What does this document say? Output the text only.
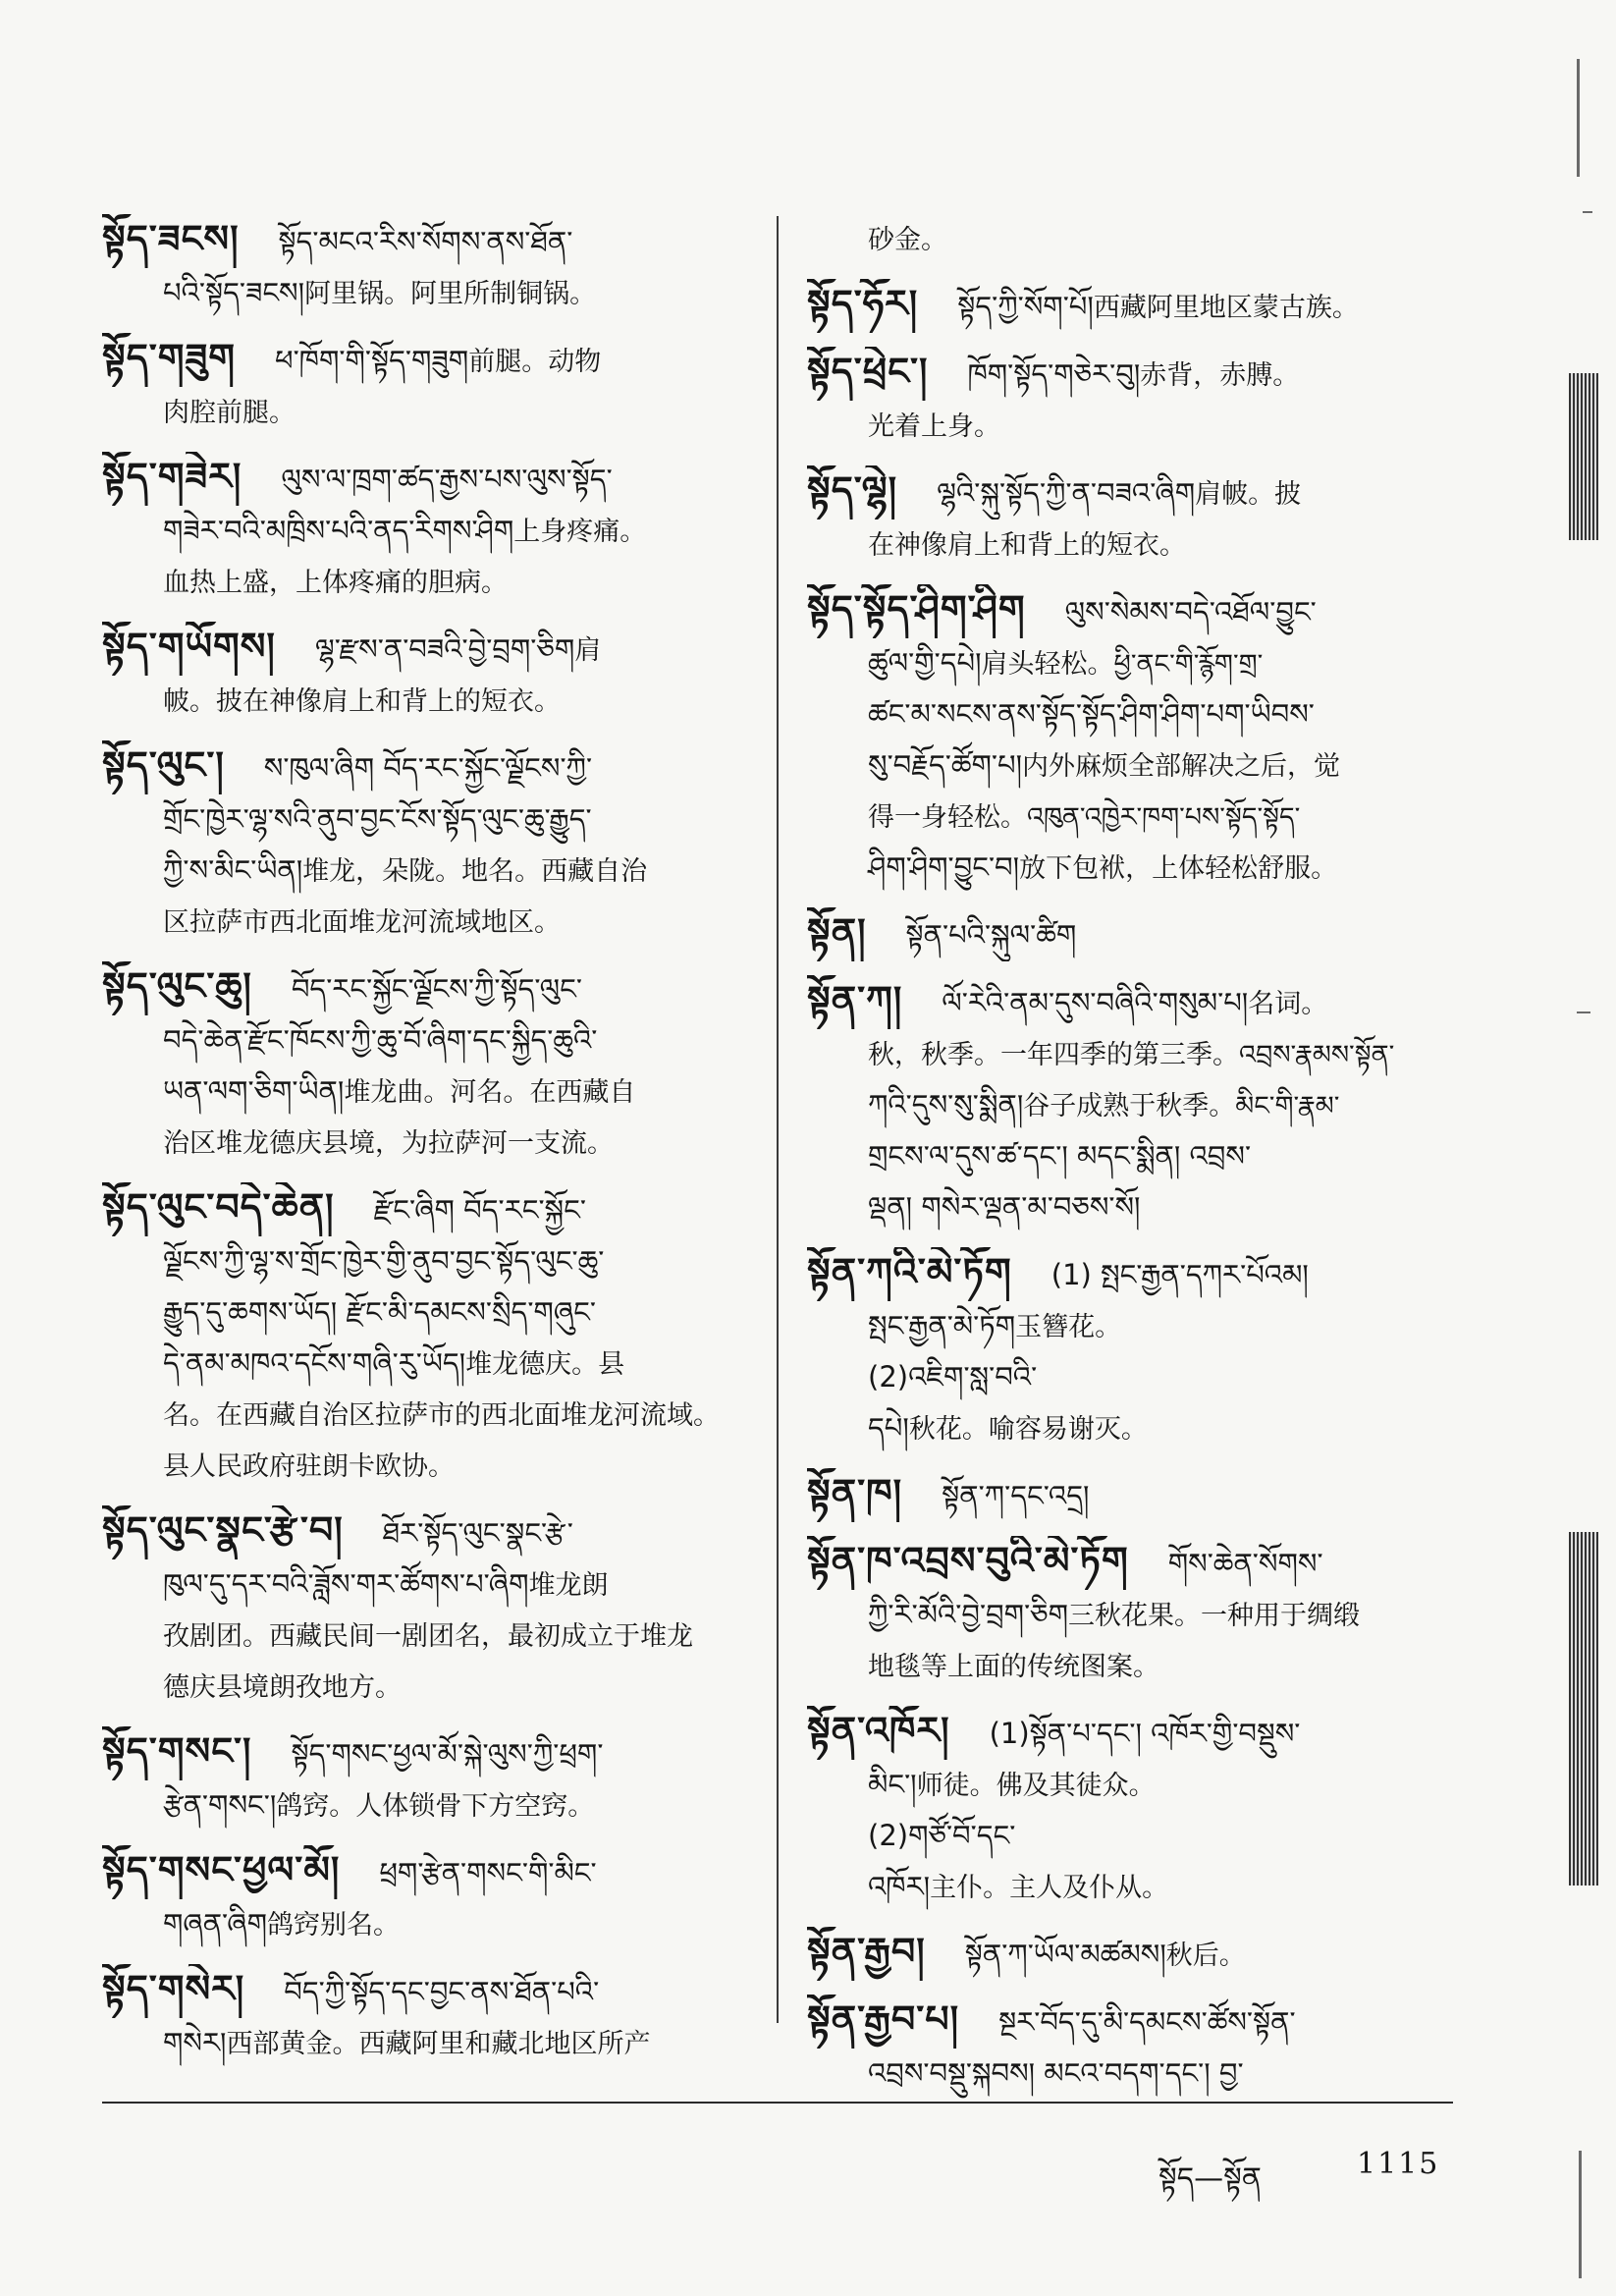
སྟོད་ཟངས། སྟོད་མངའ་རིས་སོགས་ནས་ཐོན་

པའི་སྟོད་ཟངས།阿里锅。阿里所制铜锅。

སྟོད་གཟུག ཕ་ཁོག་གི་སྟོད་གཟུག前腿。动物

肉腔前腿。

སྟོད་གཟེར། ལུས་ལ་ཁྲག་ཚད་རྒྱས་པས་ལུས་སྟོད་

གཟེར་བའི་མཁྲིས་པའི་ནད་རིགས་ཤིག上身疼痛。

血热上盛，上体疼痛的胆病。

སྟོད་གཡོགས། ལྷ་རྫས་ན་བཟའི་བྱེ་བྲག་ཅིག肩

帔。披在神像肩上和背上的短衣。

སྟོད་ལུང་། ས་ཁུལ་ཞིག བོད་རང་སྐྱོང་ལྗོངས་ཀྱི་

གྲོང་ཁྱེར་ལྷ་སའི་ནུབ་བྱང་ངོས་སྟོད་ལུང་ཆུ་རྒྱུད་

ཀྱི་ས་མིང་ཡིན།堆龙，朵陇。地名。西藏自治

区拉萨市西北面堆龙河流域地区。

སྟོད་ལུང་ཆུ། བོད་རང་སྐྱོང་ལྗོངས་ཀྱི་སྟོད་ལུང་

བདེ་ཆེན་རྫོང་ཁོངས་ཀྱི་ཆུ་བོ་ཞིག་དང་སྐྱིད་ཆུའི་

ཡན་ལག་ཅིག་ཡིན།堆龙曲。河名。在西藏自

治区堆龙德庆县境，为拉萨河一支流。

སྟོད་ལུང་བདེ་ཆེན། རྫོང་ཞིག བོད་རང་སྐྱོང་

ལྗོངས་ཀྱི་ལྷ་ས་གྲོང་ཁྱེར་གྱི་ནུབ་བྱང་སྟོད་ལུང་ཆུ་

རྒྱུད་དུ་ཆགས་ཡོད། རྫོང་མི་དམངས་སྲིད་གཞུང་

དེ་ནམ་མཁའ་དངོས་གཞི་རུ་ཡོད།堆龙德庆。县

名。在西藏自治区拉萨市的西北面堆龙河流域。

县人民政府驻朗卡欧协。

སྟོད་ལུང་སྣང་རྩེ་བ། ཐོར་སྟོད་ལུང་སྣང་རྩེ་

ཁུལ་དུ་དར་བའི་ཟློས་གར་ཚོགས་པ་ཞིག堆龙朗

孜剧团。西藏民间一剧团名，最初成立于堆龙

德庆县境朗孜地方。

སྟོད་གསང་། སྟོད་གསང་ཕྱལ་མོ་སྐེ་ལུས་ཀྱི་ཕྲག་

རྩེན་གསང་།鸽窍。人体锁骨下方空窍。

སྟོད་གསང་ཕྱལ་མོ། ཕྲག་རྩེན་གསང་གི་མིང་

གཞན་ཞིག鸽窍别名。

སྟོད་གསེར། བོད་ཀྱི་སྟོད་དང་བྱང་ནས་ཐོན་པའི་

གསེར།西部黄金。西藏阿里和藏北地区所产

砂金。

སྟོད་ཧོར། སྟོད་ཀྱི་སོག་པོ།西藏阿里地区蒙古族。

སྟོད་ཕྲེང་། ཁོག་སྟོད་གཅེར་བུ།赤背，赤膊。

光着上身。

སྟོད་ལྷེ། ལྷའི་སྐུ་སྟོད་ཀྱི་ན་བཟའ་ཞིག肩帔。披

在神像肩上和背上的短衣。

སྟོད་སྟོད་ཤིག་ཤིག ལུས་སེམས་བདེ་འཐོལ་བྱུང་

ཚུལ་གྱི་དཔེ།肩头轻松。ཕྱི་ནང་གི་རྙོག་གྲ་

ཚང་མ་སངས་ནས་སྟོད་སྟོད་ཤིག་ཤིག་པག་ཡིབས་

སུ་བརྗོད་ཚོག་པ།内外麻烦全部解决之后，觉

得一身轻松。འཁུན་འཁྱེར་ཁག་པས་སྟོད་སྟོད་

ཤིག་ཤིག་བྱུང་བ།放下包袱，上体轻松舒服。

སྟོན། སྟོན་པའི་སྐུལ་ཚིག

སྟོན་ཀ། ལོ་རེའི་ནམ་དུས་བཞིའི་གསུམ་པ།名词。

秋，秋季。一年四季的第三季。འབྲས་རྣམས་སྟོན་

ཀའི་དུས་སུ་སྨིན།谷子成熟于秋季。མིང་གི་རྣམ་

གྲངས་ལ་དུས་ཚ་དང་། མདང་སྨིན། འབྲས་

ལྡན། གསེར་ལྡན་མ་བཅས་སོ།

སྟོན་ཀའི་མེ་ཏོག (1) སྤང་རྒྱན་དཀར་པོའམ།

སྤང་རྒྱན་མེ་ཏོག玉簪花。

(2)འཇིག་སླ་བའི་

དཔེ།秋花。喻容易谢灭。

སྟོན་ཁ། སྟོན་ཀ་དང་འདྲ།

སྟོན་ཁ་འབྲས་བུའི་མེ་ཏོག གོས་ཆེན་སོགས་

ཀྱི་རི་མོའི་བྱེ་བྲག་ཅིག三秋花果。一种用于绸缎

地毯等上面的传统图案。

སྟོན་འཁོར། (1)སྟོན་པ་དང་། འཁོར་གྱི་བསྡུས་

མིང་།师徒。佛及其徒众。

(2)གཙོ་བོ་དང་

འཁོར།主仆。主人及仆从。

སྟོན་རྒྱབ། སྟོན་ཀ་ཡོལ་མཚམས།秋后。

སྟོན་རྒྱབ་པ། སྔར་བོད་དུ་མི་དམངས་ཚོས་སྟོན་

འབྲས་བསྡུ་སྐབས། མངའ་བདག་དང་། བྱ་

སྟོད—སྟོན	1115
